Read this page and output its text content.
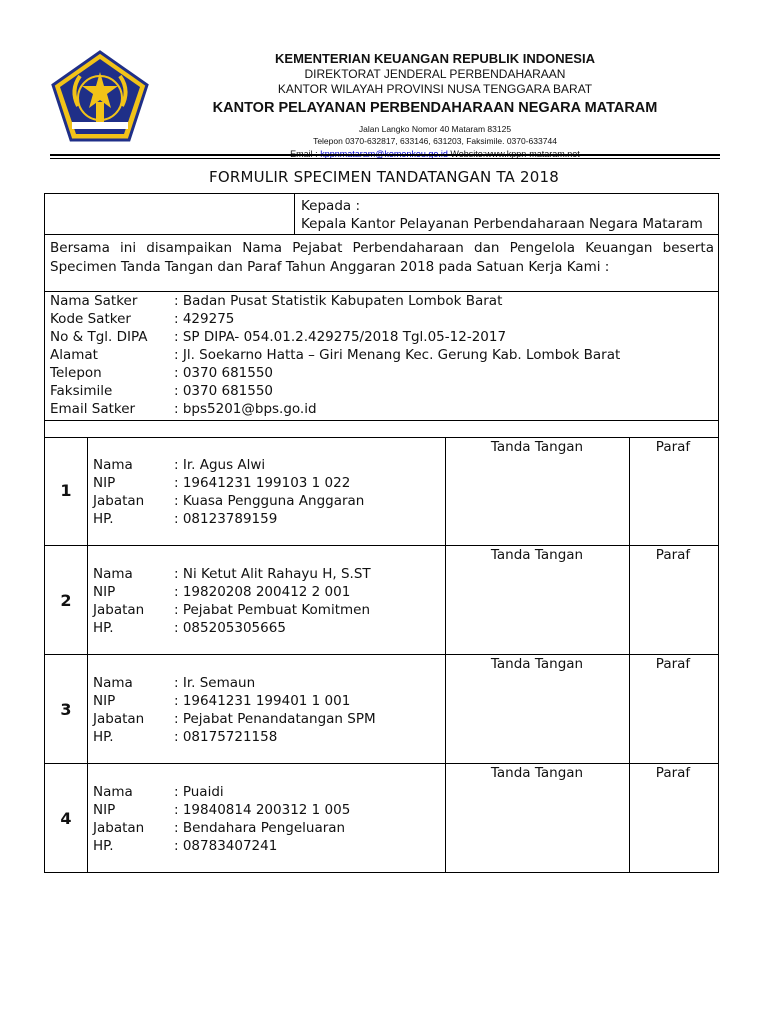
KEMENTERIAN KEUANGAN REPUBLIK INDONESIA
DIREKTORAT JENDERAL PERBENDAHARAAN
KANTOR WILAYAH PROVINSI NUSA TENGGARA BARAT
KANTOR PELAYANAN PERBENDAHARAAN NEGARA MATARAM
Jalan Langko Nomor 40 Mataram 83125
Telepon 0370-632817, 633146, 631203, Faksimile. 0370-633744
FORMULIR SPECIMEN TANDATANGAN TA 2018
Kepada :
Kepala Kantor Pelayanan Perbendaharaan Negara Mataram
Bersama ini disampaikan Nama Pejabat Perbendaharaan dan Pengelola Keuangan beserta Specimen Tanda Tangan dan Paraf Tahun Anggaran 2018 pada Satuan Kerja Kami :
Nama Satker	: Badan Pusat Statistik Kabupaten Lombok Barat
Kode Satker	: 429275
No & Tgl. DIPA : SP DIPA- 054.01.2.429275/2018 Tgl.05-12-2017
Alamat	: Jl. Soekarno Hatta – Giri Menang Kec. Gerung Kab. Lombok Barat
Telepon	: 0370 681550
Faksimile	: 0370 681550
Email Satker	: bps5201@bps.go.id
Tanda Tangan	Paraf
1
Nama	: Ir. Agus Alwi
NIP	: 19641231 199103 1 022
Jabatan : Kuasa Pengguna Anggaran
HP.	: 08123789159
Tanda Tangan	Paraf
2
Nama	: Ni Ketut Alit Rahayu H, S.ST
NIP	: 19820208 200412 2 001
Jabatan : Pejabat Pembuat Komitmen
HP.	: 085205305665
Tanda Tangan	Paraf
3
Nama	: Ir. Semaun
NIP	: 19641231 199401 1 001
Jabatan : Pejabat Penandatangan SPM
HP.	: 08175721158
Tanda Tangan	Paraf
4
Nama	: Puaidi
NIP	: 19840814 200312 1 005
Jabatan : Bendahara Pengeluaran
HP.	: 08783407241
